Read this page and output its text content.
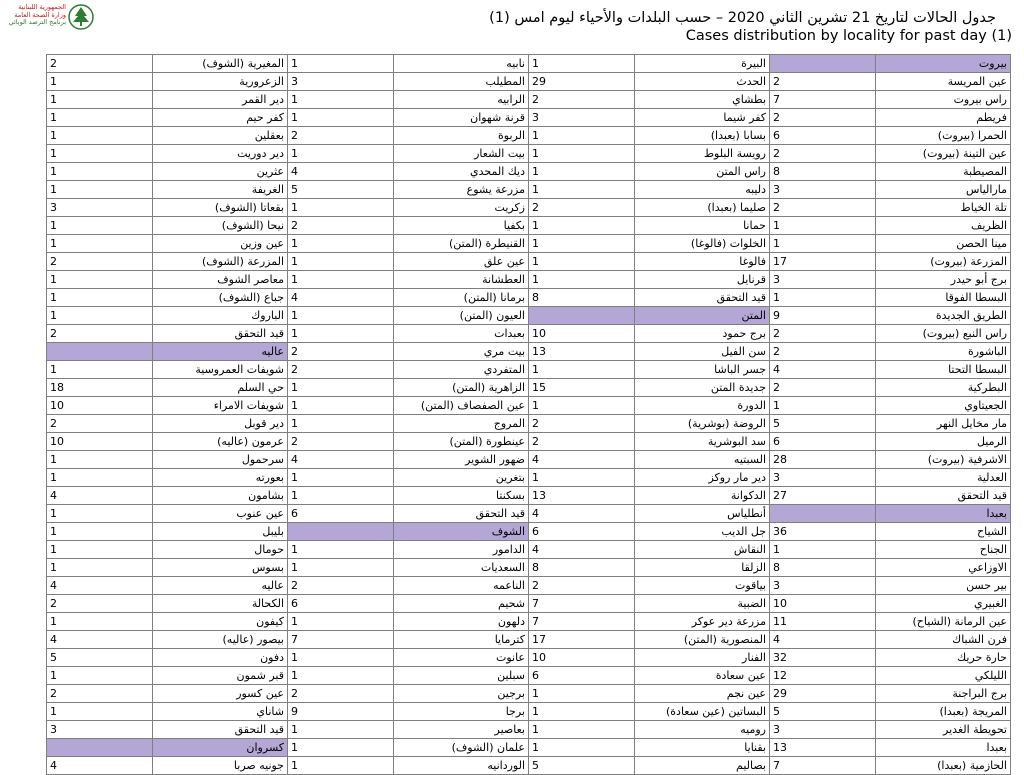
الجمهورية اللبنانية
وزارة الصحة العامة
برنامج الترصد الوبائي	جدول الحالات لتاريخ 21 تشرين الثاني 2020 – حسب البلدات والأحياء ليوم امس (1)
Cases distribution by locality for past day (1)
بيروت		البيرة	1	نابيه	1	المغيرية (الشوف)	2
عين المريسة	2	الحدث	29	المطيلب	3	الزعرورية	1
راس بيروت	7	بطشاي	2	الرابيه	1	دير القمر	1
فريطم	2	كفر شيما	3	قرنة شهوان	1	كفر حيم	1
الحمرا (بيروت)	6	بسابا (بعبدا)	1	الربوة	2	بعقلين	1
عين التينة (بيروت)	2	رويسة البلوط	1	بيت الشعار	1	دير دوريت	1
المصيطبة	8	راس المتن	1	ديك المحدي	4	عثرين	1
مارالياس	3	دليبه	1	مزرعة يشوع	5	الغريفة	1
تلة الخياط	2	صليما (بعبدا)	2	زكريت	1	بقعاتا (الشوف)	3
الظريف	1	حمانا	1	بكفيا	2	نيحا (الشوف)	1
مينا الحصن	1	الخلوات (فالوغا)	1	القنيطرة (المتن)	1	عين وزين	1
المزرعة (بيروت)	17	فالوغا	1	عين علق	1	المزرعة (الشوف)	2
برج أبو حيدر	3	قرنايل	1	العطشانة	1	معاصر الشوف	1
البسطا الفوقا	1	قيد التحقق	8	برمانا (المتن)	4	جباع (الشوف)	1
الطريق الجديدة	9	المتن		العيون (المتن)	1	الباروك	1
راس النبع (بيروت)	2	برج حمود	10	بعبدات	1	قيد التحقق	2
الباشورة	2	سن الفيل	13	بيت مري	2	عاليه	
البسطا التحتا	4	جسر الباشا	1	المتفردي	2	شويفات العمروسية	1
البطركية	2	جديدة المتن	15	الزاهرية (المتن)	1	حي السلم	18
الجعيتاوي	1	الدورة	1	عين الصفصاف (المتن)	1	شويفات الامراء	10
مار مخايل النهر	5	الروضة (بوشرية)	2	المروج	1	دير قوبل	2
الرميل	6	سد البوشرية	2	عينطورة (المتن)	2	عرمون (عاليه)	10
الاشرفية (بيروت)	28	السبتيه	4	ضهور الشوير	4	سرحمول	1
العدلية	3	دير مار روكز	1	بتغرين	1	بعورته	1
قيد التحقق	27	الدكوانة	13	بسكنتا	1	بشامون	4
بعبدا		أنطلياس	4	قيد التحقق	6	عين عنوب	1
الشياح	36	جل الديب	6	الشوف		بليبل	1
الجناح	1	النقاش	4	الدامور	1	حومال	1
الاوزاعي	8	الزلقا	8	السعديات	1	بسوس	1
بير حسن	3	بياقوت	2	الناعمه	2	عاليه	4
الغبيري	10	الضبية	7	شحيم	6	الكحالة	2
عين الرمانة (الشياح)	11	مزرعة دير عوكر	7	دلهون	1	كيفون	1
فرن الشباك	4	المنصورية (المتن)	17	كترمايا	7	بيصور (عاليه)	4
حارة حريك	32	الفنار	10	عانوت	1	دفون	5
الليلكي	12	عين سعادة	6	سبلين	1	قبر شمون	1
برج البراجنة	29	عين نجم	1	برجين	2	عين كسور	2
المريجة (بعبدا)	5	البساتين (عين سعادة)	1	برجا	9	شاناي	1
تحويطة الغدير	3	روميه	1	بعاصير	1	قيد التحقق	3
بعبدا	13	بقنايا	1	علمان (الشوف)	1	كسروان	
الحازمية (بعبدا)	7	بصاليم	5	الوردانيه	1	جونيه صربا	4
